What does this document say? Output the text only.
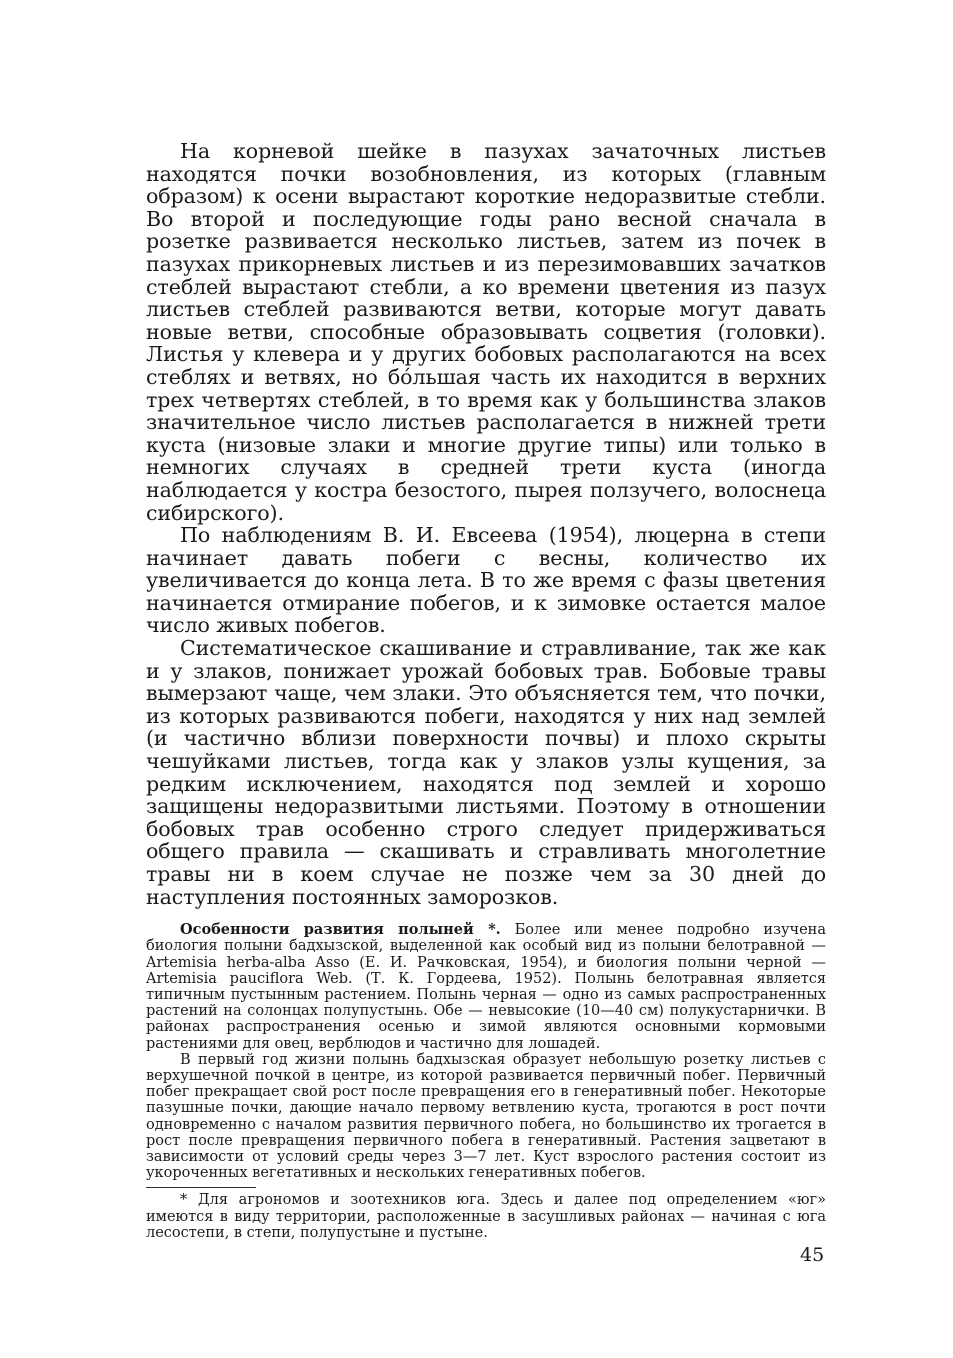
На корневой шейке в пазухах зачаточных листьев находятся почки возобновления, из которых (главным образом) к осени вырастают короткие недоразвитые стебли. Во второй и последующие годы рано весной сначала в розетке развивается несколько листьев, затем из почек в пазухах прикорневых листьев и из перезимовавших зачатков стеблей вырастают стебли, а ко времени цветения из пазух листьев стеблей развиваются ветви, которые могут давать новые ветви, способные образовывать соцветия (головки). Листья у клевера и у других бобовых располагаются на всех стеблях и ветвях, но бо́льшая часть их находится в верхних трех четвертях стеблей, в то время как у большинства злаков значительное число листьев располагается в нижней трети куста (низовые злаки и многие другие типы) или только в немногих случаях в средней трети куста (иногда наблюдается у костра безостого, пырея ползучего, волоснеца сибирского).

По наблюдениям В. И. Евсеева (1954), люцерна в степи начинает давать побеги с весны, количество их увеличивается до конца лета. В то же время с фазы цветения начинается отмирание побегов, и к зимовке остается малое число живых побегов.

Систематическое скашивание и стравливание, так же как и у злаков, понижает урожай бобовых трав. Бобовые травы вымерзают чаще, чем злаки. Это объясняется тем, что почки, из которых развиваются побеги, находятся у них над землей (и частично вблизи поверхности почвы) и плохо скрыты чешуйками листьев, тогда как у злаков узлы кущения, за редким исключением, находятся под землей и хорошо защищены недоразвитыми листьями. Поэтому в отношении бобовых трав особенно строго следует придерживаться общего правила — скашивать и стравливать многолетние травы ни в коем случае не позже чем за 30 дней до наступления постоянных заморозков.

Особенности развития полыней *. Более или менее подробно изучена биология полыни бадхызской, выделенной как особый вид из полыни белотравной — Artemisia herba-alba Asso (Е. И. Рачковская, 1954), и биология полыни черной — Artemisia pauciflora Web. (Т. К. Гордеева, 1952). Полынь белотравная является типичным пустынным растением. Полынь черная — одно из самых распространенных растений на солонцах полупустынь. Обе — невысокие (10—40 см) полукустарнички. В районах распространения осенью и зимой являются основными кормовыми растениями для овец, верблюдов и частично для лошадей.

В первый год жизни полынь бадхызская образует небольшую розетку листьев с верхушечной почкой в центре, из которой развивается первичный побег. Первичный побег прекращает свой рост после превращения его в генеративный побег. Некоторые пазушные почки, дающие начало первому ветвлению куста, трогаются в рост почти одновременно с началом развития первичного побега, но большинство их трогается в рост после превращения первичного побега в генеративный. Растения зацветают в зависимости от условий среды через 3—7 лет. Куст взрослого растения состоит из укороченных вегетативных и нескольких генеративных побегов.

* Для агрономов и зоотехников юга. Здесь и далее под определением «юг» имеются в виду территории, расположенные в засушливых районах — начиная с юга лесостепи, в степи, полупустыне и пустыне.

45
